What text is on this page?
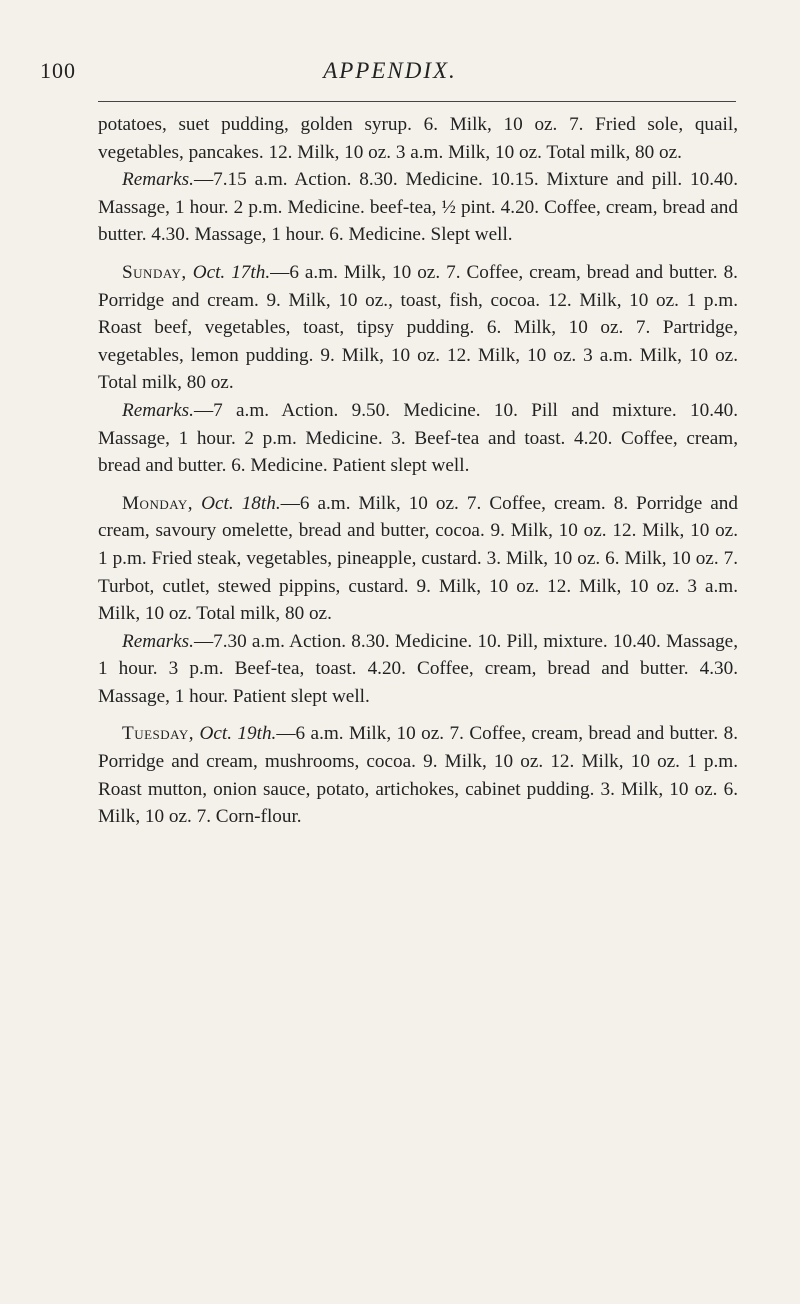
100	APPENDIX.

potatoes, suet pudding, golden syrup. 6. Milk, 10 oz. 7. Fried sole, quail, vegetables, pancakes. 12. Milk, 10 oz. 3 a.m. Milk, 10 oz. Total milk, 80 oz.

Remarks.—7.15 a.m. Action. 8.30. Medicine. 10.15. Mixture and pill. 10.40. Massage, 1 hour. 2 p.m. Medicine. beef-tea, ½ pint. 4.20. Coffee, cream, bread and butter. 4.30. Massage, 1 hour. 6. Medicine. Slept well.

Sunday, Oct. 17th.—6 a.m. Milk, 10 oz. 7. Coffee, cream, bread and butter. 8. Porridge and cream. 9. Milk, 10 oz., toast, fish, cocoa. 12. Milk, 10 oz. 1 p.m. Roast beef, vegetables, toast, tipsy pudding. 6. Milk, 10 oz. 7. Partridge, vegetables, lemon pudding. 9. Milk, 10 oz. 12. Milk, 10 oz. 3 a.m. Milk, 10 oz. Total milk, 80 oz.

Remarks.—7 a.m. Action. 9.50. Medicine. 10. Pill and mixture. 10.40. Massage, 1 hour. 2 p.m. Medicine. 3. Beef-tea and toast. 4.20. Coffee, cream, bread and butter. 6. Medicine. Patient slept well.

Monday, Oct. 18th.—6 a.m. Milk, 10 oz. 7. Coffee, cream. 8. Porridge and cream, savoury omelette, bread and butter, cocoa. 9. Milk, 10 oz. 12. Milk, 10 oz. 1 p.m. Fried steak, vegetables, pineapple, custard. 3. Milk, 10 oz. 6. Milk, 10 oz. 7. Turbot, cutlet, stewed pippins, custard. 9. Milk, 10 oz. 12. Milk, 10 oz. 3 a.m. Milk, 10 oz. Total milk, 80 oz.

Remarks.—7.30 a.m. Action. 8.30. Medicine. 10. Pill, mixture. 10.40. Massage, 1 hour. 3 p.m. Beef-tea, toast. 4.20. Coffee, cream, bread and butter. 4.30. Massage, 1 hour. Patient slept well.

Tuesday, Oct. 19th.—6 a.m. Milk, 10 oz. 7. Coffee, cream, bread and butter. 8. Porridge and cream, mushrooms, cocoa. 9. Milk, 10 oz. 12. Milk, 10 oz. 1 p.m. Roast mutton, onion sauce, potato, artichokes, cabinet pudding. 3. Milk, 10 oz. 6. Milk, 10 oz. 7. Corn-flour.
